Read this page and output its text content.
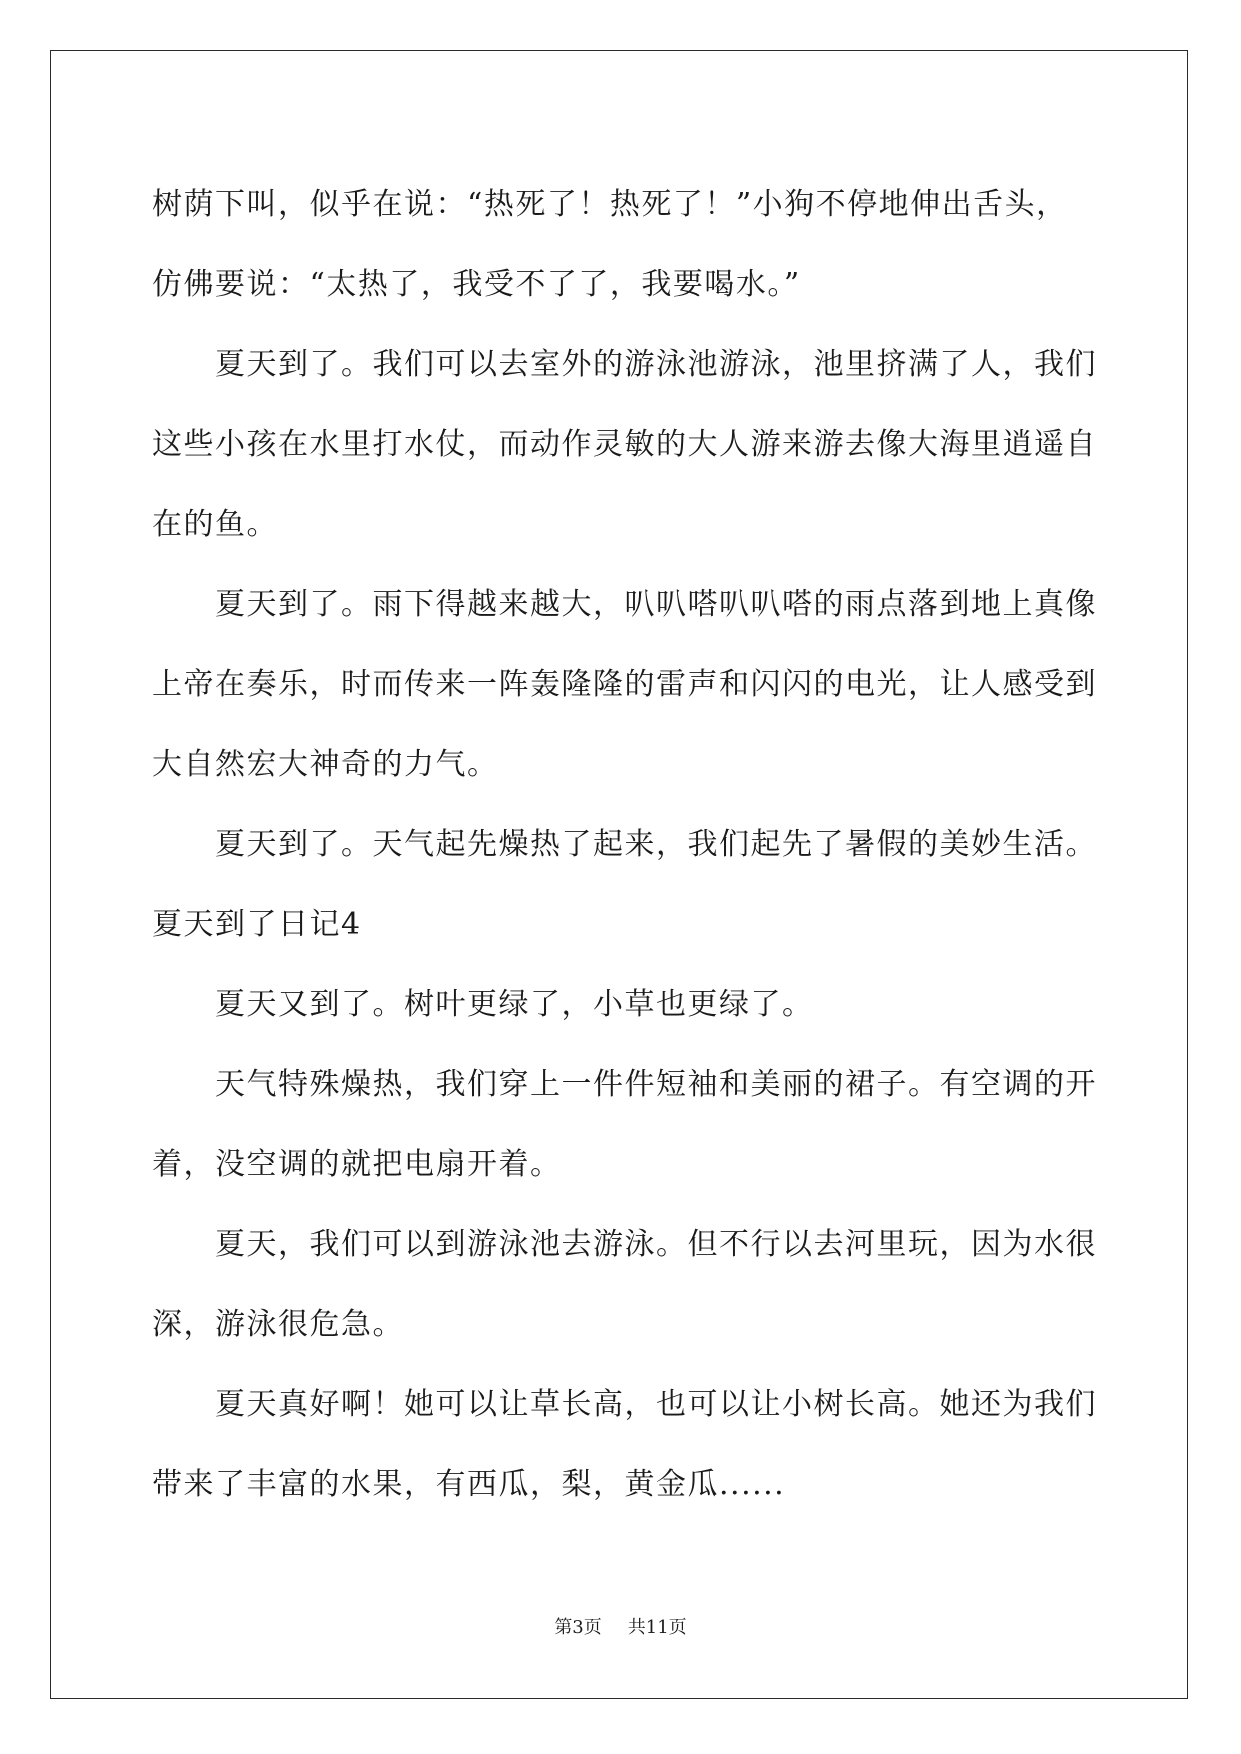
树荫下叫，似乎在说：“热死了！热死了！”小狗不停地伸出舌头，
仿佛要说：“太热了，我受不了了，我要喝水。”
夏天到了。我们可以去室外的游泳池游泳，池里挤满了人，我们
这些小孩在水里打水仗，而动作灵敏的大人游来游去像大海里逍遥自
在的鱼。
夏天到了。雨下得越来越大，叭叭嗒叭叭嗒的雨点落到地上真像
上帝在奏乐，时而传来一阵轰隆隆的雷声和闪闪的电光，让人感受到
大自然宏大神奇的力气。
夏天到了。天气起先燥热了起来，我们起先了暑假的美妙生活。
夏天到了日记4
夏天又到了。树叶更绿了，小草也更绿了。
天气特殊燥热，我们穿上一件件短袖和美丽的裙子。有空调的开
着，没空调的就把电扇开着。
夏天，我们可以到游泳池去游泳。但不行以去河里玩，因为水很
深，游泳很危急。
夏天真好啊！她可以让草长高，也可以让小树长高。她还为我们
带来了丰富的水果，有西瓜，梨，黄金瓜......
第3页 共11页
